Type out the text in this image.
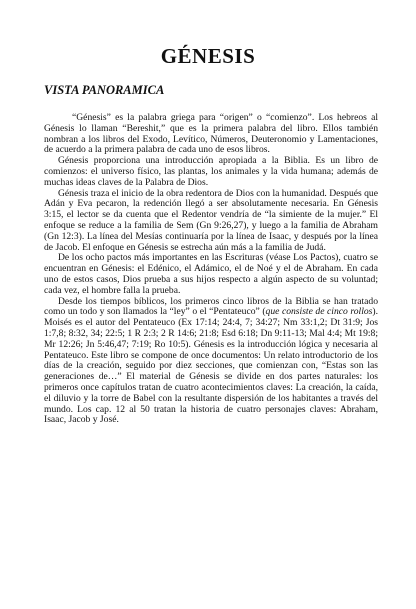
GÉNESIS
VISTA PANORAMICA

“Génesis” es la palabra griega para “origen” o “comienzo”. Los hebreos al Génesis lo llaman “Bereshit,” que es la primera palabra del libro. Ellos también nombran a los libros del Exodo, Levítico, Números, Deuteronomio y Lamentaciones, de acuerdo a la primera palabra de cada uno de esos libros.

Génesis proporciona una introducción apropiada a la Biblia. Es un libro de comienzos: el universo físico, las plantas, los animales y la vida humana; además de muchas ideas claves de la Palabra de Dios.

Génesis traza el inicio de la obra redentora de Dios con la humanidad. Después que Adán y Eva pecaron, la redención llegó a ser absolutamente necesaria. En Génesis 3:15, el lector se da cuenta que el Redentor vendría de “la simiente de la mujer.” El enfoque se reduce a la familia de Sem (Gn 9:26,27), y luego a la familia de Abraham (Gn 12:3). La línea del Mesías continuaría por la línea de Isaac, y después por la línea de Jacob. El enfoque en Génesis se estrecha aún más a la familia de Judá.

De los ocho pactos más importantes en las Escrituras (véase Los Pactos), cuatro se encuentran en Génesis: el Edénico, el Adámico, el de Noé y el de Abraham. En cada uno de estos casos, Dios prueba a sus hijos respecto a algún aspecto de su voluntad; cada vez, el hombre falla la prueba.

Desde los tiempos bíblicos, los primeros cinco libros de la Biblia se han tratado como un todo y son llamados la “ley” o el “Pentateuco” (que consiste de cinco rollos). Moisés es el autor del Pentateuco (Ex 17:14; 24:4, 7; 34:27; Nm 33:1,2; Dt 31:9; Jos 1:7,8; 8:32, 34; 22:5; 1 R 2:3; 2 R 14:6; 21:8; Esd 6:18; Dn 9:11-13; Mal 4:4; Mt 19:8; Mr 12:26; Jn 5:46,47; 7:19; Ro 10:5). Génesis es la introducción lógica y necesaria al Pentateuco. Este libro se compone de once documentos: Un relato introductorio de los días de la creación, seguido por diez secciones, que comienzan con, “Estas son las generaciones de…” El material de Génesis se divide en dos partes naturales: los primeros once capítulos tratan de cuatro acontecimientos claves: La creación, la caída, el diluvio y la torre de Babel con la resultante dispersión de los habitantes a través del mundo. Los cap. 12 al 50 tratan la historia de cuatro personajes claves: Abraham, Isaac, Jacob y José.
